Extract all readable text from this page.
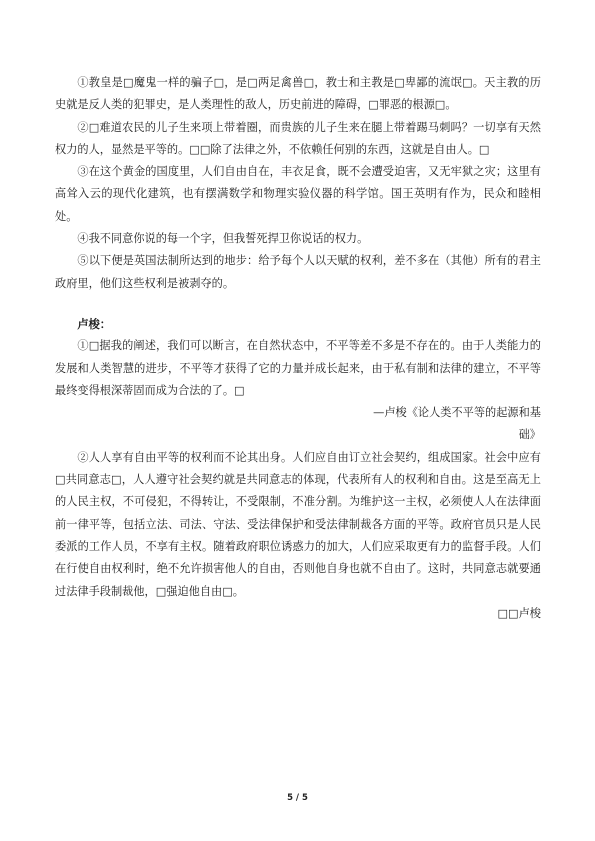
①教皇是□魔鬼一样的骗子□，是□两足禽兽□，教士和主教是□卑鄙的流氓□。天主教的历史就是反人类的犯罪史，是人类理性的敌人，历史前进的障碍，□罪恶的根源□。

②□难道农民的儿子生来项上带着圈，而贵族的儿子生来在腿上带着踢马刺吗？一切享有天然权力的人，显然是平等的。□□除了法律之外，不依赖任何别的东西，这就是自由人。□

③在这个黄金的国度里，人们自由自在，丰衣足食，既不会遭受迫害，又无牢狱之灾；这里有高耸入云的现代化建筑，也有摆满数学和物理实验仪器的科学馆。国王英明有作为，民众和睦相处。

④我不同意你说的每一个字，但我誓死捍卫你说话的权力。

⑤以下便是英国法制所达到的地步：给予每个人以天赋的权利，差不多在（其他）所有的君主政府里，他们这些权利是被剥夺的。

卢梭：

①□据我的阐述，我们可以断言，在自然状态中，不平等差不多是不存在的。由于人类能力的发展和人类智慧的进步，不平等才获得了它的力量并成长起来，由于私有制和法律的建立，不平等最终变得根深蒂固而成为合法的了。□

—卢梭《论人类不平等的起源和基

础》

②人人享有自由平等的权利而不论其出身。人们应自由订立社会契约，组成国家。社会中应有□共同意志□，人人遵守社会契约就是共同意志的体现，代表所有人的权利和自由。这是至高无上的人民主权，不可侵犯，不得转让，不受限制，不准分割。为维护这一主权，必须使人人在法律面前一律平等，包括立法、司法、守法、受法律保护和受法律制裁各方面的平等。政府官员只是人民委派的工作人员，不享有主权。随着政府职位诱惑力的加大，人们应采取更有力的监督手段。人们在行使自由权利时，绝不允许损害他人的自由，否则他自身也就不自由了。这时，共同意志就要通过法律手段制裁他，□强迫他自由□。

□□卢梭

5 / 5
